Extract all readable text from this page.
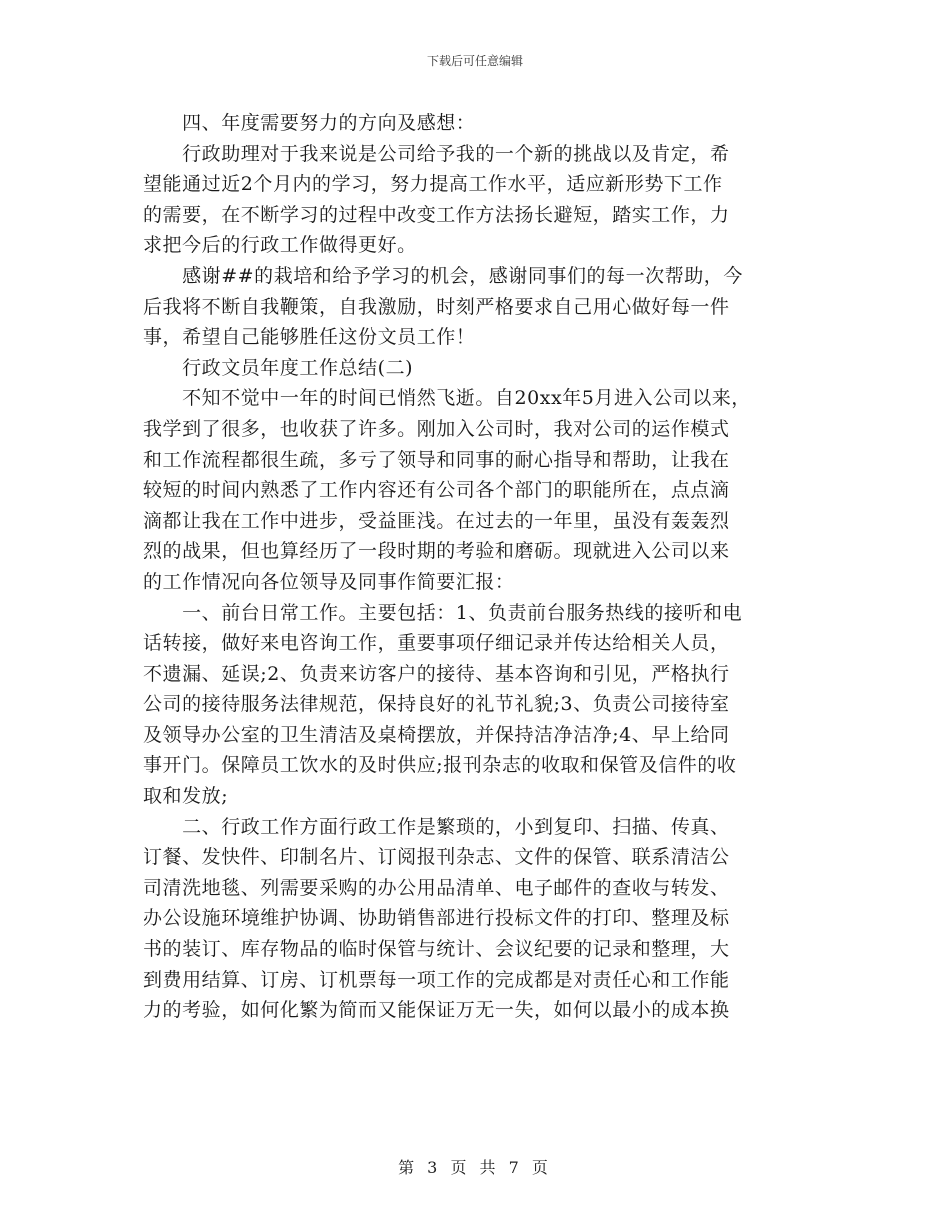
下载后可任意编辑
　　四、年度需要努力的方向及感想：
　　行政助理对于我来说是公司给予我的一个新的挑战以及肯定，希
望能通过近2个月内的学习，努力提高工作水平，适应新形势下工作
的需要，在不断学习的过程中改变工作方法扬长避短，踏实工作，力
求把今后的行政工作做得更好。
　　感谢##的栽培和给予学习的机会，感谢同事们的每一次帮助，今
后我将不断自我鞭策，自我激励，时刻严格要求自己用心做好每一件
事，希望自己能够胜任这份文员工作！
　　行政文员年度工作总结(二)
　　不知不觉中一年的时间已悄然飞逝。自20xx年5月进入公司以来，
我学到了很多，也收获了许多。刚加入公司时，我对公司的运作模式
和工作流程都很生疏，多亏了领导和同事的耐心指导和帮助，让我在
较短的时间内熟悉了工作内容还有公司各个部门的职能所在，点点滴
滴都让我在工作中进步，受益匪浅。在过去的一年里，虽没有轰轰烈
烈的战果，但也算经历了一段时期的考验和磨砺。现就进入公司以来
的工作情况向各位领导及同事作简要汇报：
　　一、前台日常工作。主要包括：1、负责前台服务热线的接听和电
话转接，做好来电咨询工作，重要事项仔细记录并传达给相关人员，
不遗漏、延误;2、负责来访客户的接待、基本咨询和引见，严格执行
公司的接待服务法律规范，保持良好的礼节礼貌;3、负责公司接待室
及领导办公室的卫生清洁及桌椅摆放，并保持洁净洁净;4、早上给同
事开门。保障员工饮水的及时供应;报刊杂志的收取和保管及信件的收
取和发放;
　　二、行政工作方面行政工作是繁琐的，小到复印、扫描、传真、
订餐、发快件、印制名片、订阅报刊杂志、文件的保管、联系清洁公
司清洗地毯、列需要采购的办公用品清单、电子邮件的查收与转发、
办公设施环境维护协调、协助销售部进行投标文件的打印、整理及标
书的装订、库存物品的临时保管与统计、会议纪要的记录和整理，大
到费用结算、订房、订机票每一项工作的完成都是对责任心和工作能
力的考验，如何化繁为简而又能保证万无一失，如何以最小的成本换
第 3 页 共 7 页
